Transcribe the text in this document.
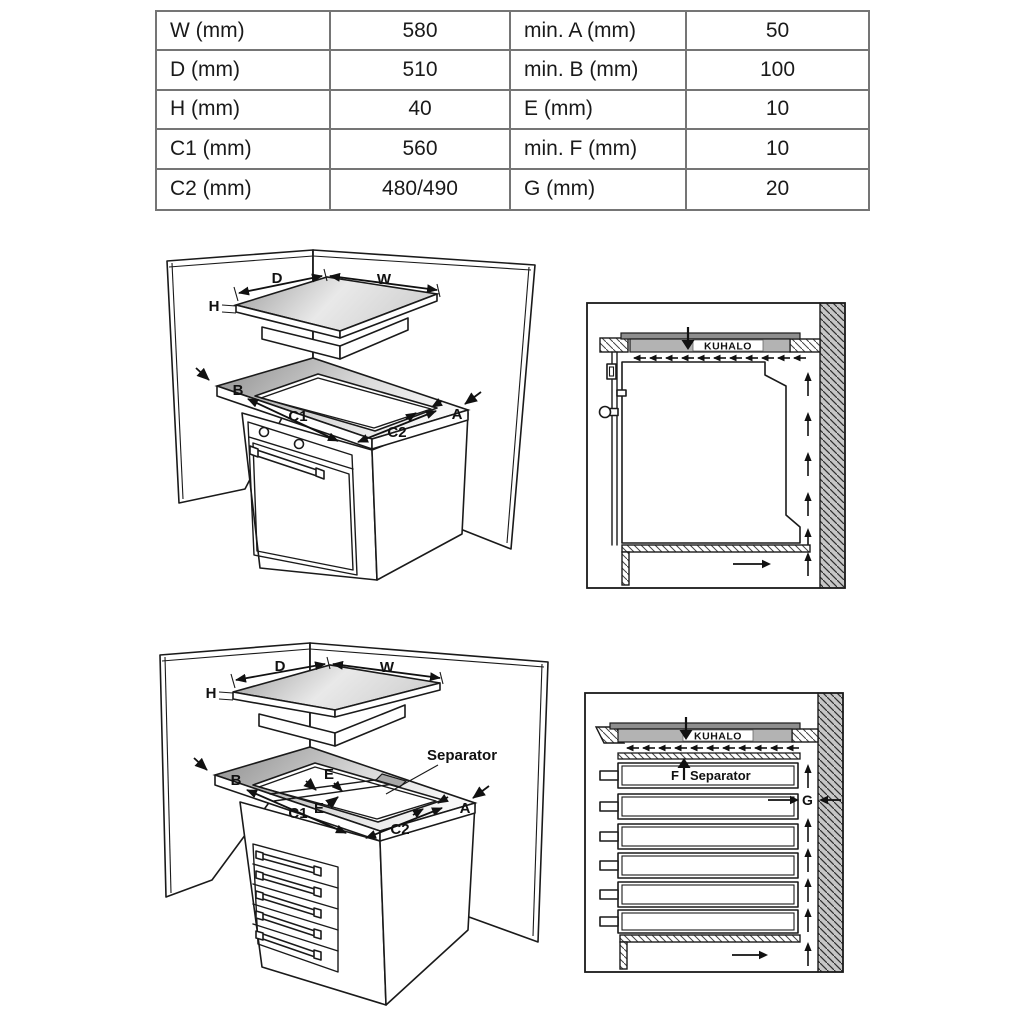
W (mm)	580	min. A (mm)	50
D (mm)	510	min. B (mm)	100
H (mm)	40	E (mm)	10
C1 (mm)	560	min. F (mm)	10
C2 (mm)	480/490	G (mm)	20
D	W
H
B
A
C1
C2
KUHALO
D	W
H
B
A
C1
C2
E
E
Separator
KUHALO
F Separator
G
